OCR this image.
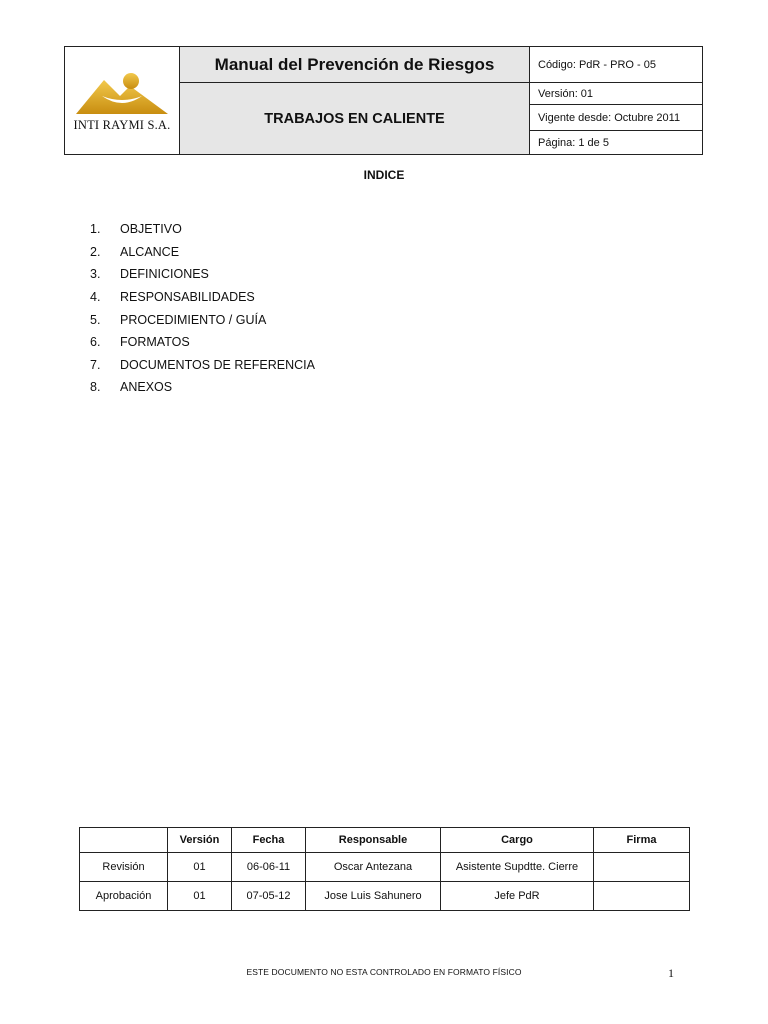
INTI RAYMI S.A.	Manual del Prevención de Riesgos	Código: PdR - PRO - 05
	TRABAJOS EN CALIENTE	Versión: 01
		Vigente desde: Octubre 2011
		Página: 1 de 5
INDICE
1.	OBJETIVO
2.	ALCANCE
3.	DEFINICIONES
4.	RESPONSABILIDADES
5.	PROCEDIMIENTO / GUÍA
6.	FORMATOS
7.	DOCUMENTOS DE REFERENCIA
8.	ANEXOS
	Versión	Fecha	Responsable	Cargo	Firma
Revisión	01	06-06-11	Oscar Antezana	Asistente Supdtte. Cierre	
Aprobación	01	07-05-12	Jose Luis Sahunero	Jefe PdR	
ESTE DOCUMENTO NO ESTA CONTROLADO EN FORMATO FÍSICO	1
